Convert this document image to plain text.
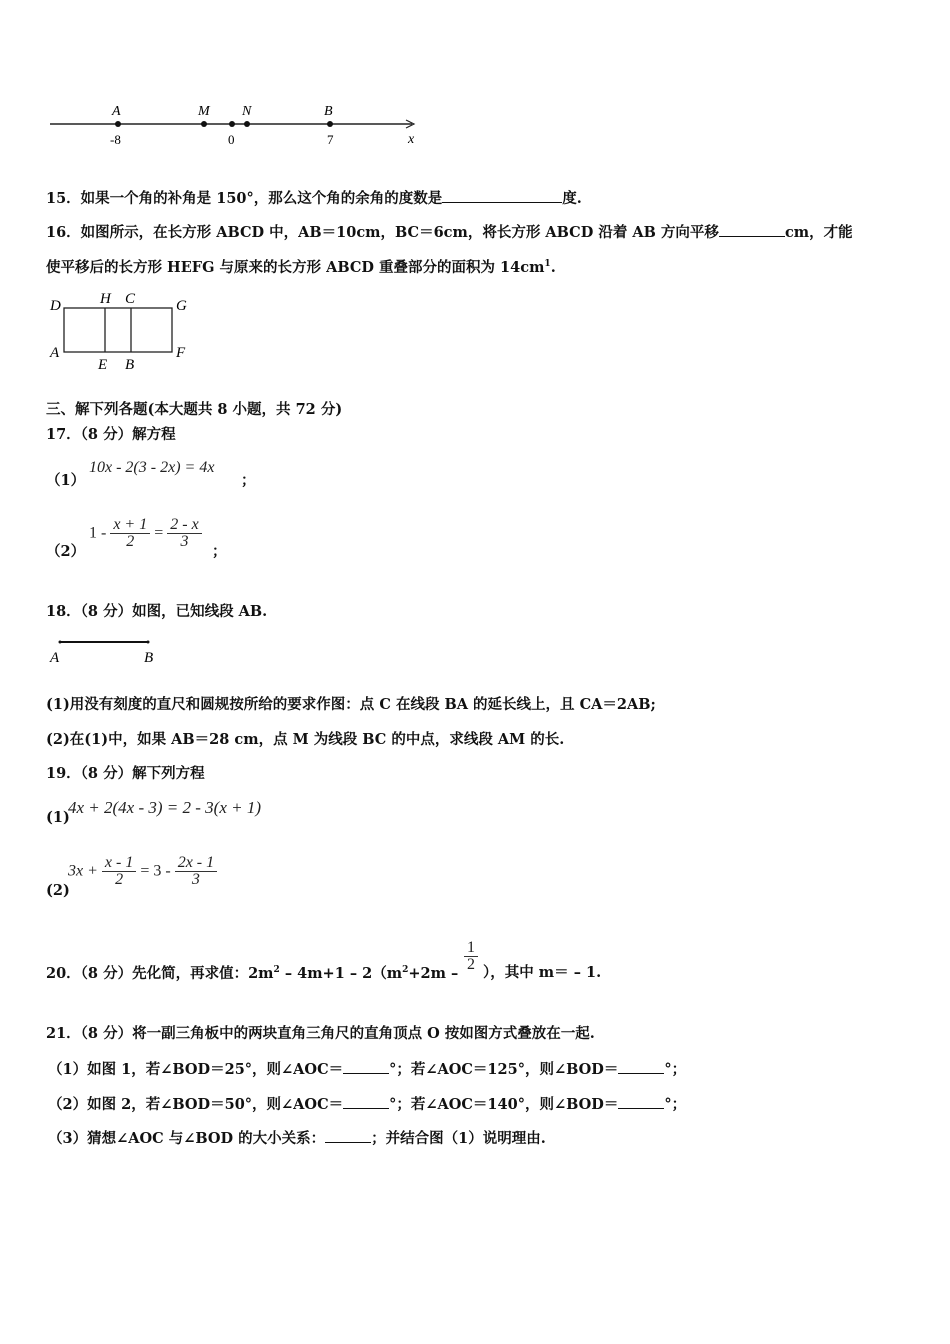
A	M N	B
-8	0	7	x
15．如果一个角的补角是 150°，那么这个角的余角的度数是	度.
16．如图所示，在长方形 ABCD 中，AB＝10cm，BC＝6cm，将长方形 ABCD 沿着 AB 方向平移	cm，才能
使平移后的长方形 HEFG 与原来的长方形 ABCD 重叠部分的面积为 $14cm^1$.
D	H C	G
A
E B
F
三、解下列各题(本大题共 8 小题，共 72 分)
17．（8 分）解方程
（1）
10x - 2(3 - 2x) = 4x
；
（2）
$1 - \frac{x + 1}{2} = \frac{2 - x}{3}$
；
18．（8 分）如图，已知线段 AB.
A	B
(1)用没有刻度的直尺和圆规按所给的要求作图：点 C 在线段 BA 的延长线上，且 CA＝2AB;
(2)在(1)中，如果 AB＝28 cm，点 M 为线段 BC 的中点，求线段 AM 的长.
19．（8 分）解下列方程
(1)
4x + 2(4x - 3) = 2 - 3(x + 1)
(2)
$3x + \frac{x - 1}{2} = 3 - \frac{2x - 1}{3}$
20．（8 分）先化简，再求值：$2m^2 - 4m+1 - 2(m^2+2m$ –
$\frac{1}{2}$ ），其中 m＝ – 1.
21．（8 分）将一副三角板中的两块直角三角尺的直角顶点 O 按如图方式叠放在一起.
（1）如图 1，若∠BOD＝25°，则∠AOC＝	°；若∠AOC＝125°，则∠BOD＝	°；
（2）如图 2，若∠BOD＝50°，则∠AOC＝	°；若∠AOC＝140°，则∠BOD＝	°；
（3）猜想∠AOC 与∠BOD 的大小关系：	；并结合图（1）说明理由.
